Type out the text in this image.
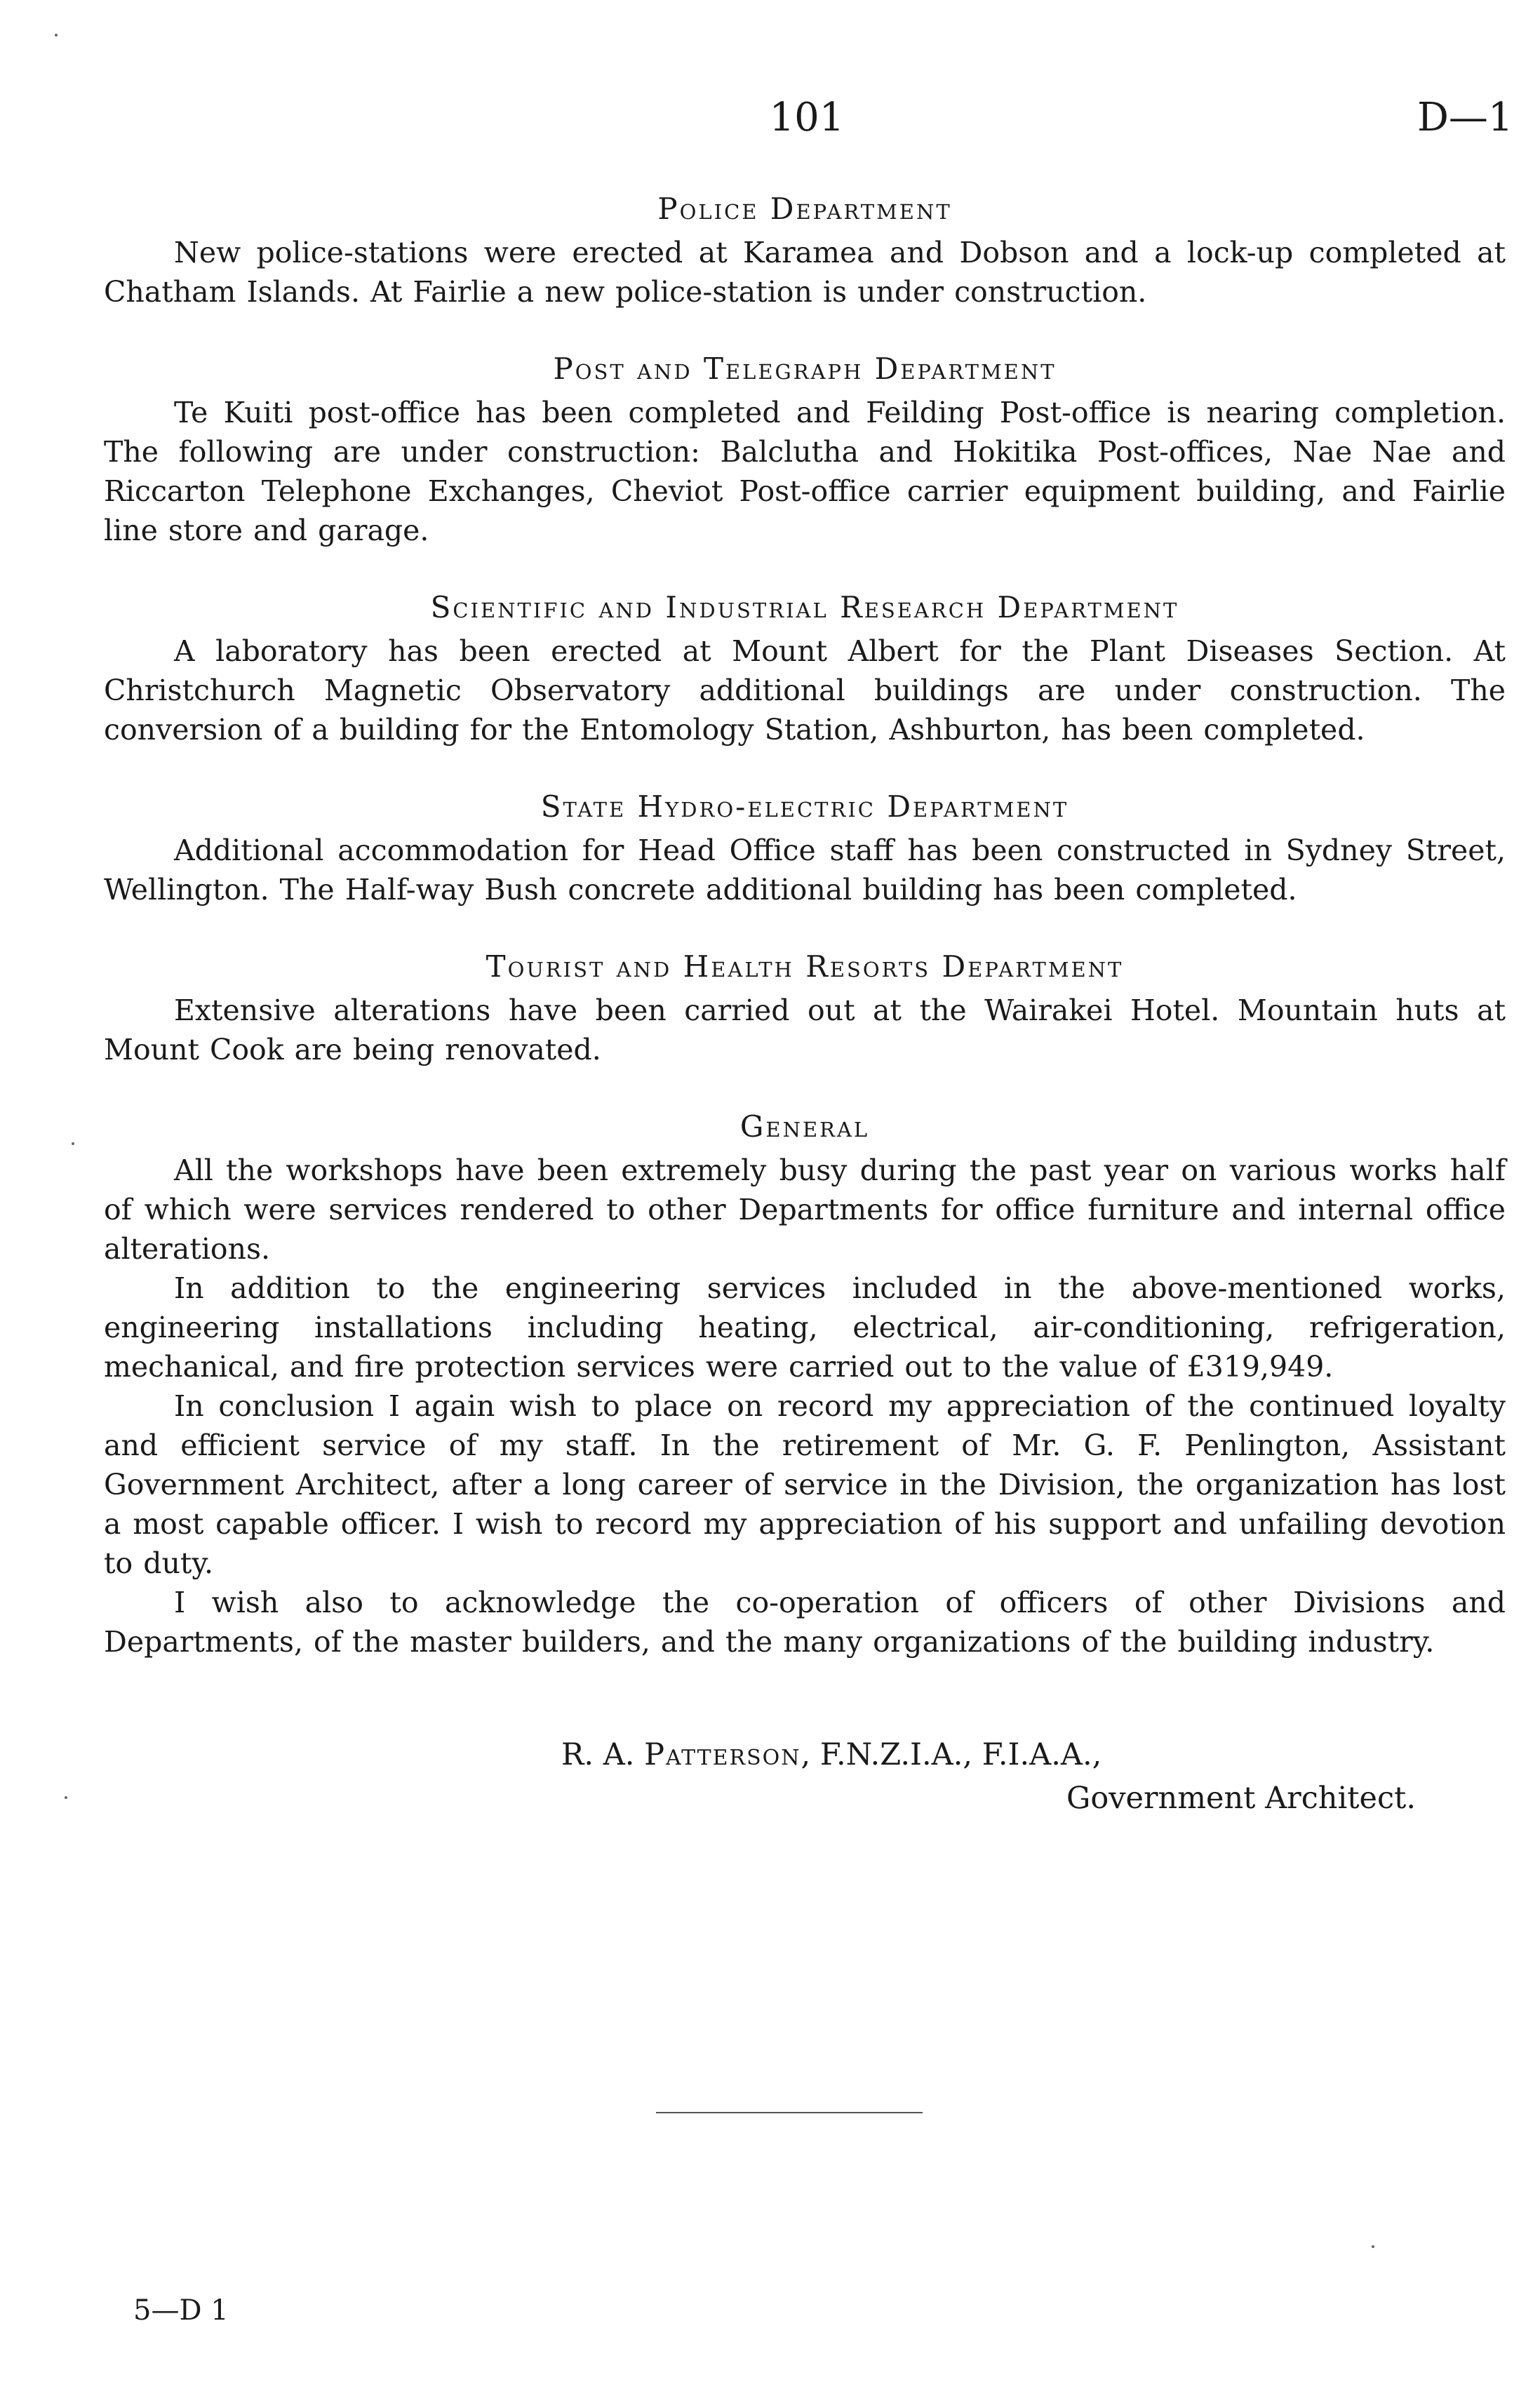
101	D—1
Police Department

New police-stations were erected at Karamea and Dobson and a lock-up completed at Chatham Islands. At Fairlie a new police-station is under construction.

Post and Telegraph Department

Te Kuiti post-office has been completed and Feilding Post-office is nearing completion. The following are under construction: Balclutha and Hokitika Post-offices, Nae Nae and Riccarton Telephone Exchanges, Cheviot Post-office carrier equipment building, and Fairlie line store and garage.

Scientific and Industrial Research Department

A laboratory has been erected at Mount Albert for the Plant Diseases Section. At Christchurch Magnetic Observatory additional buildings are under construction. The conversion of a building for the Entomology Station, Ashburton, has been completed.

State Hydro-electric Department

Additional accommodation for Head Office staff has been constructed in Sydney Street, Wellington. The Half-way Bush concrete additional building has been completed.

Tourist and Health Resorts Department

Extensive alterations have been carried out at the Wairakei Hotel. Mountain huts at Mount Cook are being renovated.

General

All the workshops have been extremely busy during the past year on various works half of which were services rendered to other Departments for office furniture and internal office alterations.

In addition to the engineering services included in the above-mentioned works, engineering installations including heating, electrical, air-conditioning, refrigeration, mechanical, and fire protection services were carried out to the value of £319,949.

In conclusion I again wish to place on record my appreciation of the continued loyalty and efficient service of my staff. In the retirement of Mr. G. F. Penlington, Assistant Government Architect, after a long career of service in the Division, the organization has lost a most capable officer. I wish to record my appreciation of his support and unfailing devotion to duty.

I wish also to acknowledge the co-operation of officers of other Divisions and Departments, of the master builders, and the many organizations of the building industry.

R. A. Patterson, F.N.Z.I.A., F.I.A.A.,
Government Architect.
5—D 1
